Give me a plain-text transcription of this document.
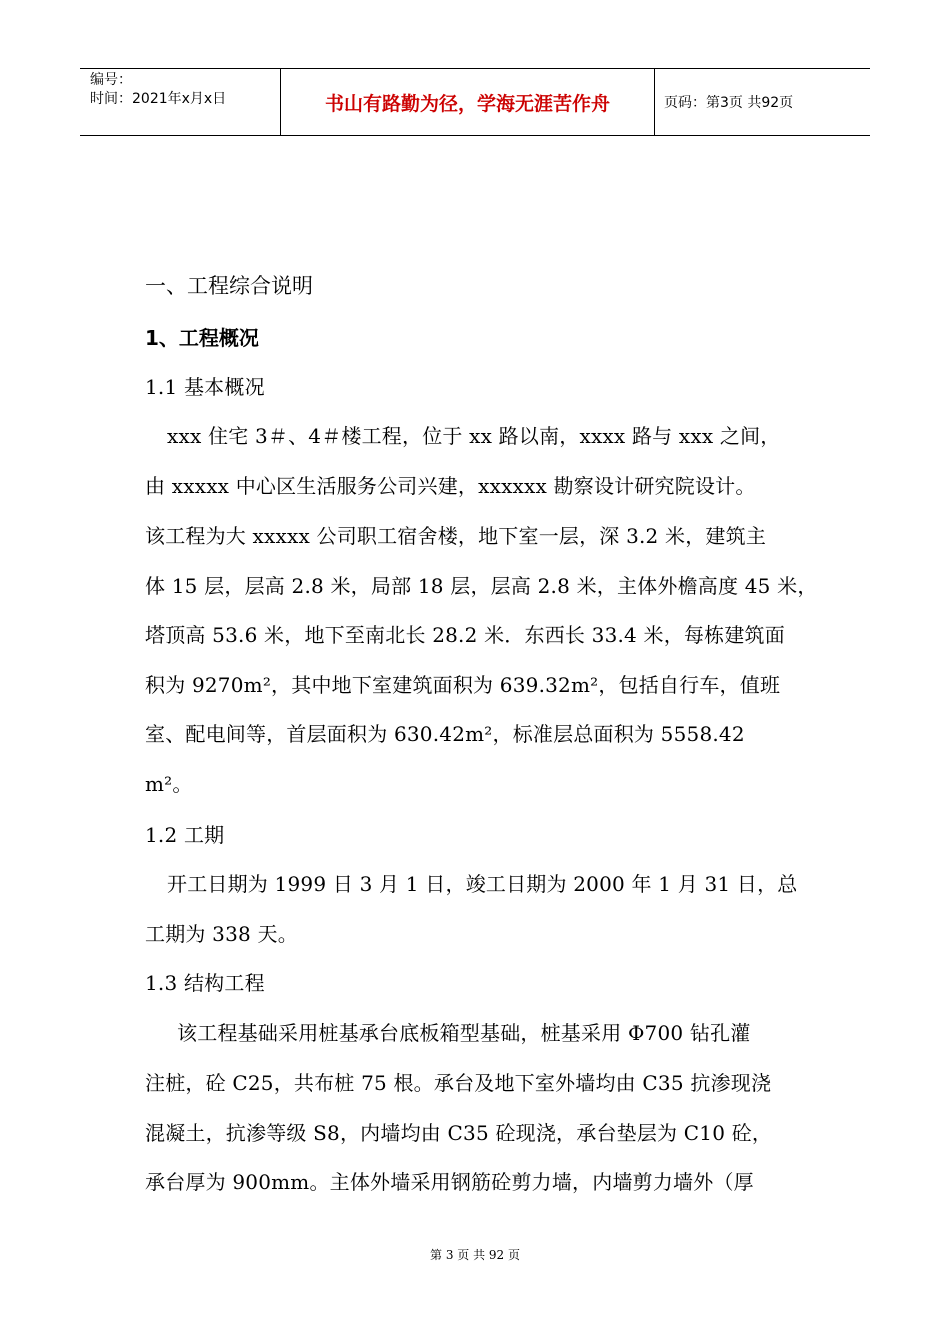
编号：
时间：2021年x月x日	书山有路勤为径，学海无涯苦作舟	页码：第3页 共92页
一、工程综合说明
1、工程概况
1.1 基本概况
xxx 住宅 3＃、4＃楼工程，位于 xx 路以南，xxxx 路与 xxx 之间，
由 xxxxx 中心区生活服务公司兴建，xxxxxx 勘察设计研究院设计。
该工程为大 xxxxx 公司职工宿舍楼，地下室一层，深 3.2 米，建筑主
体 15 层，层高 2.8 米，局部 18 层，层高 2.8 米，主体外檐高度 45 米，
塔顶高 53.6 米，地下至南北长 28.2 米．东西长 33.4 米，每栋建筑面
积为 9270m²，其中地下室建筑面积为 639.32m²，包括自行车，值班
室、配电间等，首层面积为 630.42m²，标准层总面积为 5558.42
m²。
1.2 工期
开工日期为 1999 日 3 月 1 日，竣工日期为 2000 年 1 月 31 日，总
工期为 338 天。
1.3 结构工程
该工程基础采用桩基承台底板箱型基础，桩基采用 Φ700 钻孔灌
注桩，砼 C25，共布桩 75 根。承台及地下室外墙均由 C35 抗渗现浇
混凝土，抗渗等级 S8，内墙均由 C35 砼现浇，承台垫层为 C10 砼，
承台厚为 900mm。主体外墙采用钢筋砼剪力墙，内墙剪力墙外（厚
第 3 页 共 92 页
